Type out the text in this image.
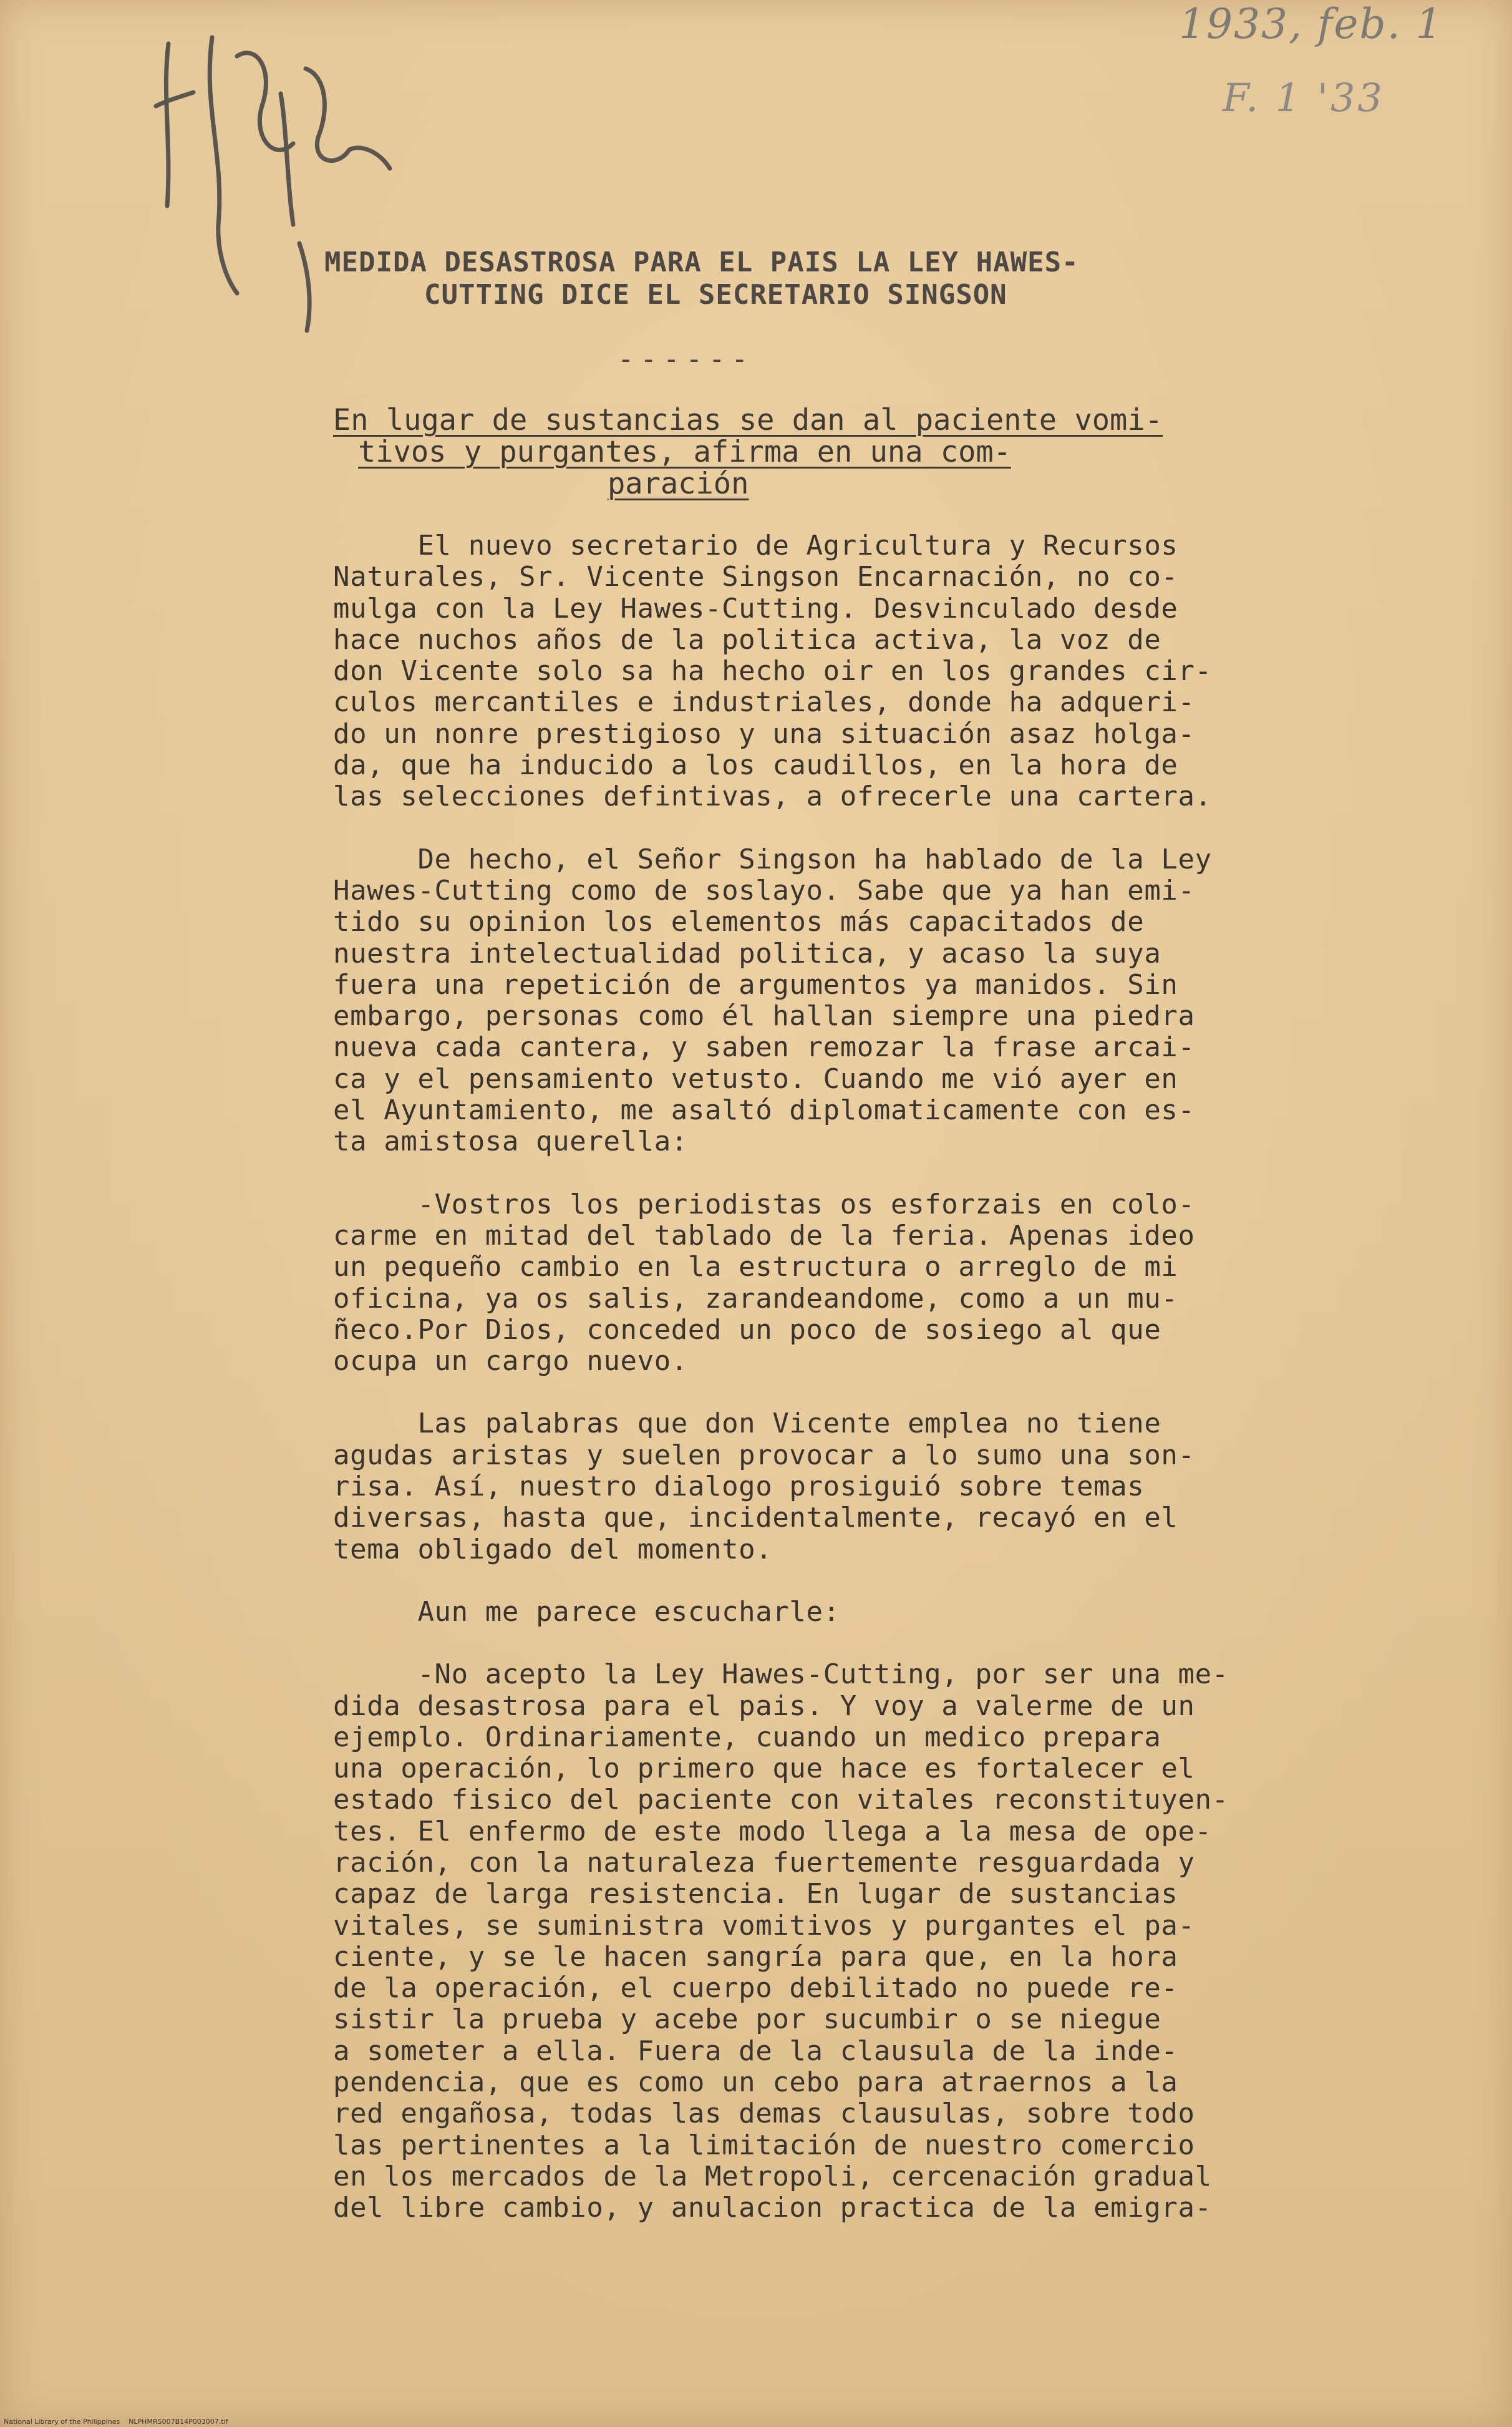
1933, feb. 1
F. 1 '33
MEDIDA DESASTROSA PARA EL PAIS LA LEY HAWES-
CUTTING DICE EL SECRETARIO SINGSON
------
En lugar de sustancias se dan al paciente vomi-
tivos y purgantes, afirma en una com-
paración
El nuevo secretario de Agricultura y Recursos
Naturales, Sr. Vicente Singson Encarnación, no co-
mulga con la Ley Hawes-Cutting. Desvinculado desde
hace nuchos años de la politica activa, la voz de
don Vicente solo sa ha hecho oir en los grandes cir-
culos mercantiles e industriales, donde ha adqueri-
do un nonre prestigioso y una situación asaz holga-
da, que ha inducido a los caudillos, en la hora de
las selecciones defintivas, a ofrecerle una cartera.
De hecho, el Señor Singson ha hablado de la Ley
Hawes-Cutting como de soslayo. Sabe que ya han emi-
tido su opinion los elementos más capacitados de
nuestra intelectualidad politica, y acaso la suya
fuera una repetición de argumentos ya manidos. Sin
embargo, personas como él hallan siempre una piedra
nueva cada cantera, y saben remozar la frase arcai-
ca y el pensamiento vetusto. Cuando me vió ayer en
el Ayuntamiento, me asaltó diplomaticamente con es-
ta amistosa querella:
-Vostros los periodistas os esforzais en colo-
carme en mitad del tablado de la feria. Apenas ideo
un pequeño cambio en la estructura o arreglo de mi
oficina, ya os salis, zarandeandome, como a un mu-
ñeco.Por Dios, conceded un poco de sosiego al que
ocupa un cargo nuevo.
Las palabras que don Vicente emplea no tiene
agudas aristas y suelen provocar a lo sumo una son-
risa. Así, nuestro dialogo prosiguió sobre temas
diversas, hasta que, incidentalmente, recayó en el
tema obligado del momento.
Aun me parece escucharle:
-No acepto la Ley Hawes-Cutting, por ser una me-
dida desastrosa para el pais. Y voy a valerme de un
ejemplo. Ordinariamente, cuando un medico prepara
una operación, lo primero que hace es fortalecer el
estado fisico del paciente con vitales reconstituyen-
tes. El enfermo de este modo llega a la mesa de ope-
ración, con la naturaleza fuertemente resguardada y
capaz de larga resistencia. En lugar de sustancias
vitales, se suministra vomitivos y purgantes el pa-
ciente, y se le hacen sangría para que, en la hora
de la operación, el cuerpo debilitado no puede re-
sistir la prueba y acebe por sucumbir o se niegue
a someter a ella. Fuera de la clausula de la inde-
pendencia, que es como un cebo para atraernos a la
red engañosa, todas las demas clausulas, sobre todo
las pertinentes a la limitación de nuestro comercio
en los mercados de la Metropoli, cercenación gradual
del libre cambio, y anulacion practica de la emigra-
National Library of the Philippines    NLPHMRS007B14P003007.tif
